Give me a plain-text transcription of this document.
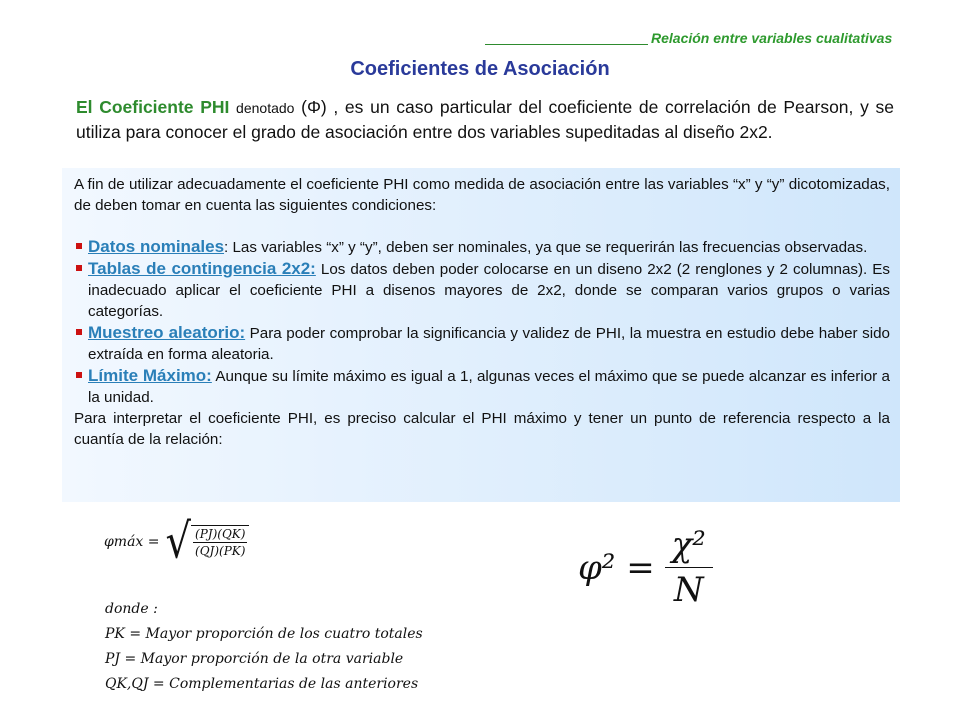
Relación entre variables cualitativas
Coeficientes de Asociación
El Coeficiente PHI denotado (Φ) , es un caso particular del coeficiente de correlación de Pearson, y se utiliza para conocer el grado de asociación entre dos variables supeditadas al diseño 2x2.

A fin de utilizar adecuadamente el coeficiente PHI como medida de asociación entre las variables “x” y “y” dicotomizadas, de deben tomar en cuenta las siguientes condiciones:

Datos nominales: Las variables “x” y “y”, deben ser nominales, ya que se requerirán las frecuencias observadas.
Tablas de contingencia 2x2: Los datos deben poder colocarse en un diseno 2x2 (2 renglones y 2 columnas). Es inadecuado aplicar el coeficiente PHI a disenos mayores de 2x2, donde se comparan varios grupos o varias categorías.
Muestreo aleatorio: Para poder comprobar la significancia y validez de PHI, la muestra en estudio debe haber sido extraída en forma aleatoria.
Límite Máximo: Aunque su límite máximo es igual a 1, algunas veces el máximo que se puede alcanzar es inferior a la unidad.

Para interpretar el coeficiente PHI, es preciso calcular el PHI máximo y tener un punto de referencia respecto a la cuantía de la relación:

φmáx = √ $\frac{(PJ)(QK)}{(QJ)(PK)}$
$\varphi^2 = \frac{\text{χ²}}{N}$
donde :
PK = Mayor proporción de los cuatro totales
PJ = Mayor proporción de la otra variable
QK,QJ = Complementarias de las anteriores
